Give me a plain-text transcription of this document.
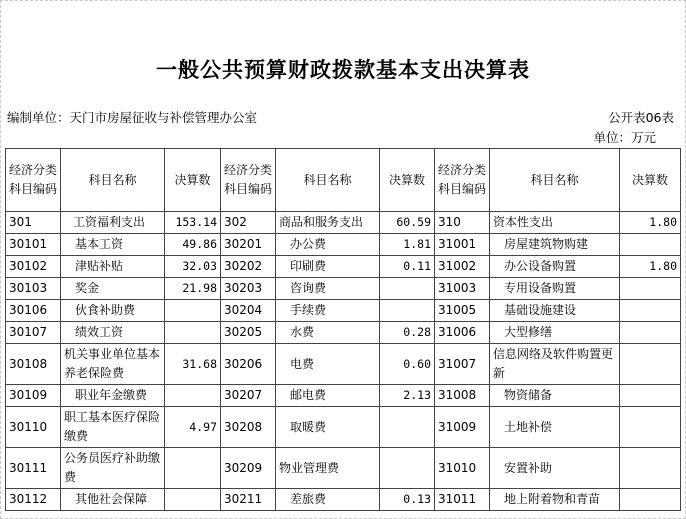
一般公共预算财政拨款基本支出决算表
编制单位：天门市房屋征收与补偿管理办公室	公开表06表
单位：万元
经济分类科目编码	科目名称	决算数	经济分类科目编码	科目名称	决算数	经济分类科目编码	科目名称	决算数
301	工资福利支出	153.14	302	商品和服务支出	60.59	310	资本性支出	1.80
30101	基本工资	49.86	30201	办公费	1.81	31001	房屋建筑物购建	
30102	津贴补贴	32.03	30202	印刷费	0.11	31002	办公设备购置	1.80
30103	奖金	21.98	30203	咨询费		31003	专用设备购置	
30106	伙食补助费		30204	手续费		31005	基础设施建设	
30107	绩效工资		30205	水费	0.28	31006	大型修缮	
30108	机关事业单位基本养老保险费	31.68	30206	电费	0.60	31007	信息网络及软件购置更新	
30109	职业年金缴费		30207	邮电费	2.13	31008	物资储备	
30110	职工基本医疗保险缴费	4.97	30208	取暖费		31009	土地补偿	
30111	公务员医疗补助缴费		30209	物业管理费		31010	安置补助	
30112	其他社会保障		30211	差旅费	0.13	31011	地上附着物和青苗	
